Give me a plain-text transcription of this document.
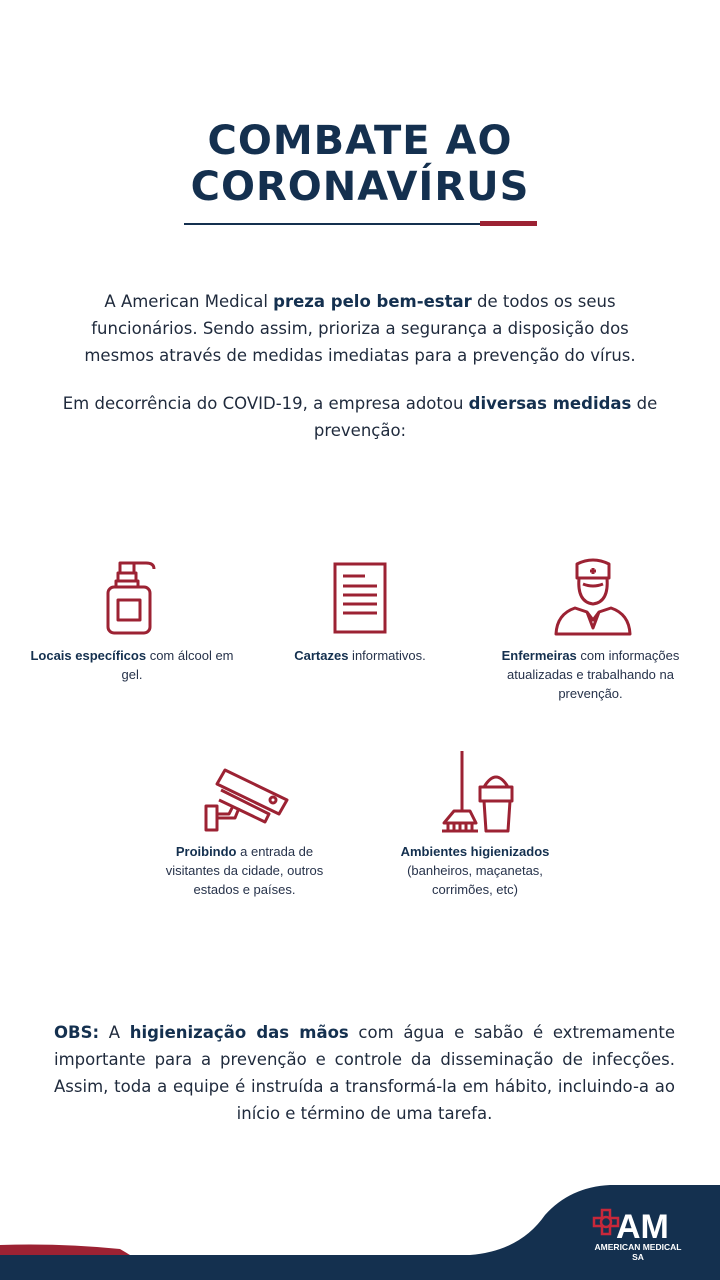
COMBATE AO
CORONAVÍRUS

A American Medical preza pelo bem-estar de todos os seus funcionários. Sendo assim, prioriza a segurança a disposição dos mesmos através de medidas imediatas para a prevenção do vírus.

Em decorrência do COVID-19, a empresa adotou diversas medidas de prevenção:

Locais específicos com álcool em gel.
Cartazes informativos.	Enfermeiras com informações atualizadas e trabalhando na prevenção.
Proibindo a entrada de visitantes da cidade, outros estados e países.
Ambientes higienizados (banheiros, maçanetas, corrimões, etc)

OBS: A higienização das mãos com água e sabão é extremamente importante para a prevenção e controle da disseminação de infecções. Assim, toda a equipe é instruída a transformá-la em hábito, incluindo-a ao início e término de uma tarefa.

AM
AMERICAN MEDICAL SA
